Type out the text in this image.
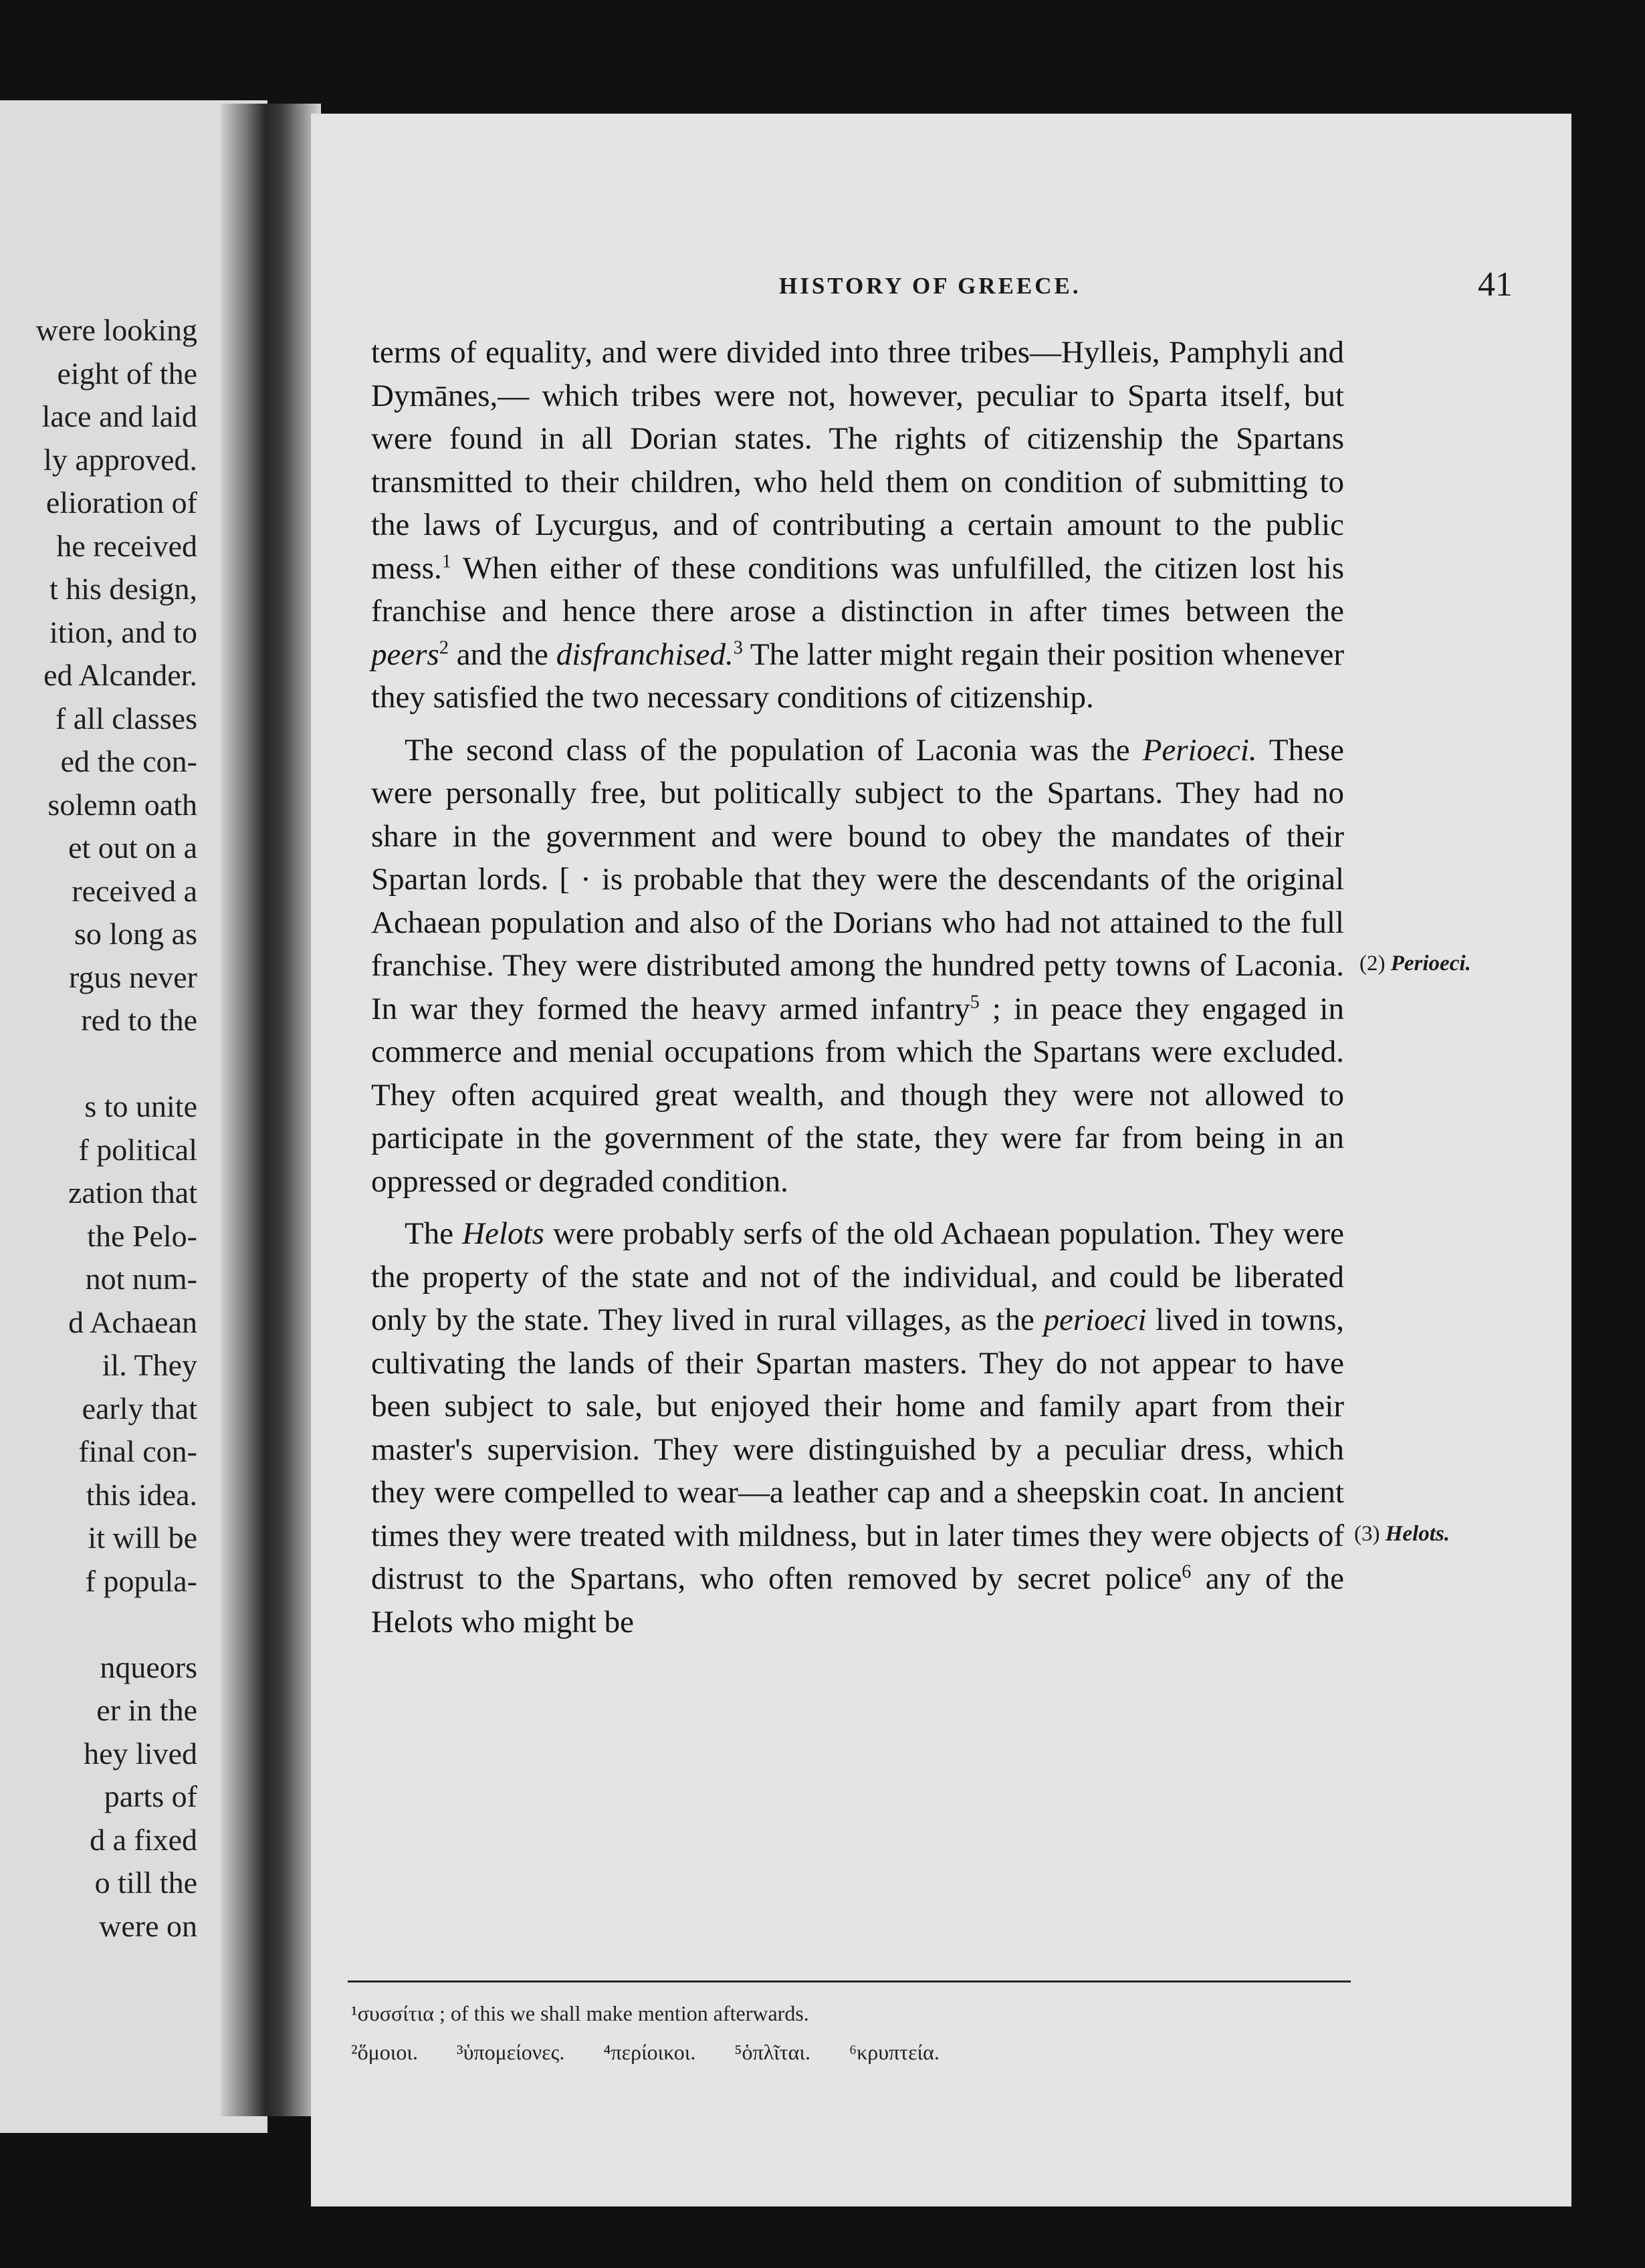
were looking
eight of the
lace and laid
ly approved.
elioration of
he received
t his design,
ition, and to
ed Alcander.
f all classes
ed the con-
solemn oath
et out on a
received a
so long as
rgus never
red to the
s to unite
f political
zation that
the Pelo-
not num-
d Achaean
il. They
early that
final con-
this idea.
it will be
f popula-
nqueors
er in the
hey lived
parts of
d a fixed
o till the
were on
HISTORY OF GREECE.	41

terms of equality, and were divided into three tribes—Hylleis, Pamphyli and Dymānes,— which tribes were not, however, peculiar to Sparta itself, but were found in all Dorian states. The rights of citizenship the Spartans transmitted to their children, who held them on condition of submitting to the laws of Lycurgus, and of contributing a certain amount to the public mess.$^1$ When either of these conditions was unfulfilled, the citizen lost his franchise and hence there arose a distinction in after times between the peers$^2$ and the disfranchised.$^3$ The latter might regain their position whenever they satisfied the two necessary conditions of citizenship.

The second class of the population of Laconia was the Perioeci. These were personally free, but politically subject to the Spartans. They had no share in the government and were bound to obey the mandates of their Spartan lords. [ · is probable that they were the descendants of the original Achaean population and also of the Dorians who had not attained to the full franchise. They were distributed among the hundred petty towns of Laconia. In war they formed the heavy armed infantry$^5$ ; in peace they engaged in commerce and menial occupations from which the Spartans were excluded. They often acquired great wealth, and though they were not allowed to participate in the government of the state, they were far from being in an oppressed or degraded condition.

The Helots were probably serfs of the old Achaean population. They were the property of the state and not of the individual, and could be liberated only by the state. They lived in rural villages, as the perioeci lived in towns, cultivating the lands of their Spartan masters. They do not appear to have been subject to sale, but enjoyed their home and family apart from their master's supervision. They were distinguished by a peculiar dress, which they were compelled to wear—a leather cap and a sheepskin coat. In ancient times they were treated with mildness, but in later times they were objects of distrust to the Spartans, who often removed by secret police$^6$ any of the Helots who might be

(2) Perioeci.
(3) Helots.
¹συσσίτια ; of this we shall make mention afterwards.
²ὅμοιοι. ³ὑπομείονες. ⁴περίοικοι. ⁵ὁπλῖται. ⁶κρυπτεία.
